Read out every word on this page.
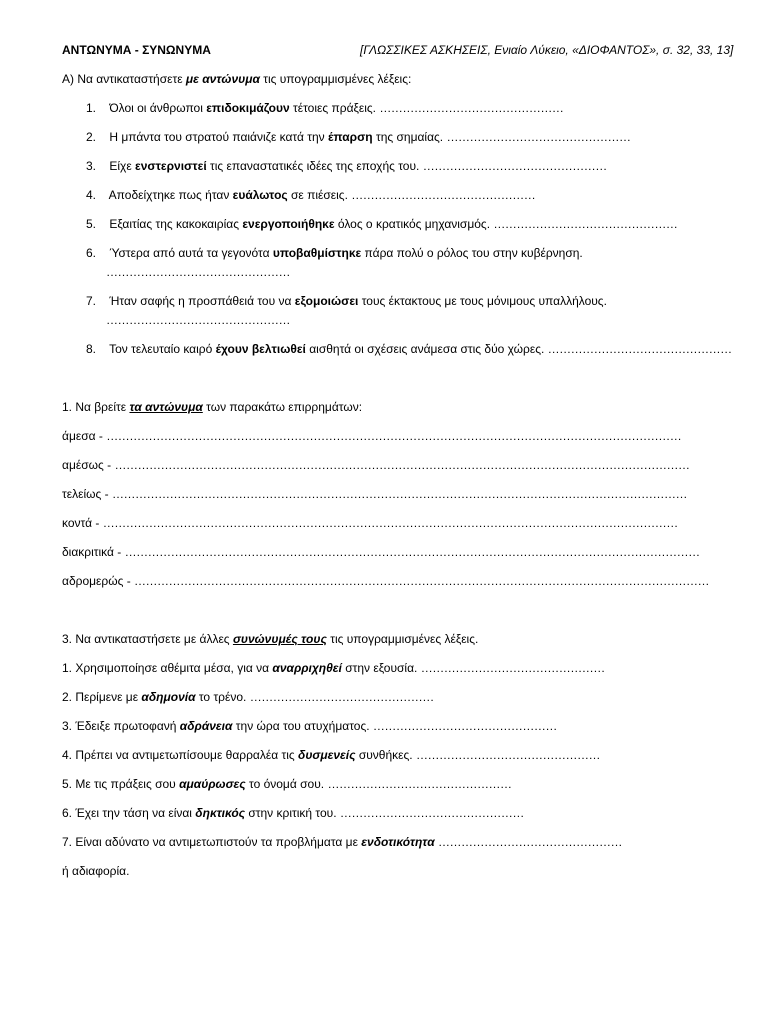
ΑΝΤΩΝΥΜΑ - ΣΥΝΩΝΥΜΑ	[ΓΛΩΣΣΙΚΕΣ ΑΣΚΗΣΕΙΣ, Ενιαίο Λύκειο, «ΔΙΟΦΑΝΤΟΣ», σ. 32, 33, 13]
Α) Να αντικαταστήσετε με αντώνυμα τις υπογραμμισμένες λέξεις:
1. Όλοι οι άνθρωποι επιδοκιμάζουν τέτοιες πράξεις. …………………………………………
2. Η μπάντα του στρατού παιάνιζε κατά την έπαρση της σημαίας. …………………………………………
3. Είχε ενστερνιστεί τις επαναστατικές ιδέες της εποχής του. …………………………………………
4. Αποδείχτηκε πως ήταν ευάλωτος σε πιέσεις. …………………………………………
5. Εξαιτίας της κακοκαιρίας ενεργοποιήθηκε όλος ο κρατικός μηχανισμός. …………………………………………
6. Ύστερα από αυτά τα γεγονότα υποβαθμίστηκε πάρα πολύ ο ρόλος του στην κυβέρνηση.
…………………………………………
7. Ήταν σαφής η προσπάθειά του να εξομοιώσει τους έκτακτους με τους μόνιμους υπαλλήλους.
…………………………………………
8. Τον τελευταίο καιρό έχουν βελτιωθεί αισθητά οι σχέσεις ανάμεσα στις δύο χώρες. …………………………………………
1. Να βρείτε τα αντώνυμα των παρακάτω επιρρημάτων:
άμεσα - ……………………………………………………………………………………………………………………………………
αμέσως - ……………………………………………………………………………………………………………………………………
τελείως - ……………………………………………………………………………………………………………………………………
κοντά - ……………………………………………………………………………………………………………………………………
διακριτικά - ……………………………………………………………………………………………………………………………………
αδρομερώς - ……………………………………………………………………………………………………………………………………
3. Να αντικαταστήσετε με άλλες συνώνυμές τους τις υπογραμμισμένες λέξεις.
1. Χρησιμοποίησε αθέμιτα μέσα, για να αναρριχηθεί στην εξουσία. …………………………………………
2. Περίμενε με αδημονία το τρένο. …………………………………………
3. Έδειξε πρωτοφανή αδράνεια την ώρα του ατυχήματος. …………………………………………
4. Πρέπει να αντιμετωπίσουμε θαρραλέα τις δυσμενείς συνθήκες. …………………………………………
5. Με τις πράξεις σου αμαύρωσες το όνομά σου. …………………………………………
6. Έχει την τάση να είναι δηκτικός στην κριτική του. …………………………………………
7. Είναι αδύνατο να αντιμετωπιστούν τα προβλήματα με ενδοτικότητα …………………………………………
ή αδιαφορία.
